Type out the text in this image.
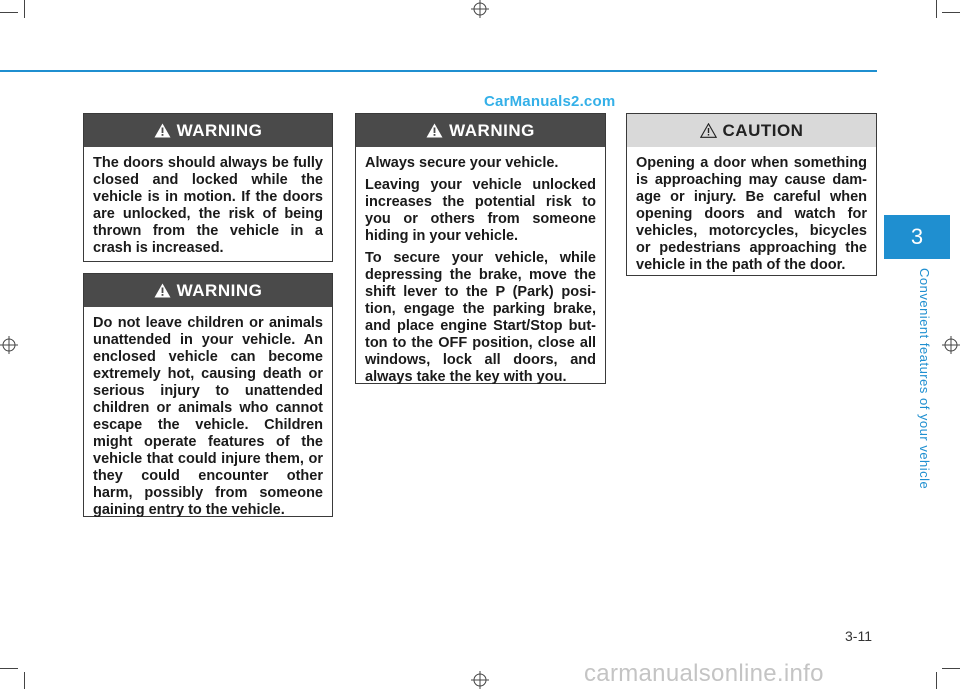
CarManuals2.com
WARNING

The doors should always be fully closed and locked while the vehicle is in motion. If the doors are unlocked, the risk of being thrown from the vehicle in a crash is increased.

WARNING

Do not leave children or animals unattended in your vehicle. An enclosed vehicle can become extremely hot, causing death or serious injury to unattended children or animals who cannot escape the vehicle. Children might operate features of the vehicle that could injure them, or they could encounter other harm, possibly from someone gaining entry to the vehicle.

WARNING

Always secure your vehicle.

Leaving your vehicle unlocked increases the potential risk to you or others from someone hiding in your vehicle.

To secure your vehicle, while depressing the brake, move the shift lever to the P (Park) posi-tion, engage the parking brake, and place engine Start/Stop but-ton to the OFF position, close all windows, lock all doors, and always take the key with you.

CAUTION

Opening a door when something is approaching may cause dam-age or injury. Be careful when opening doors and watch for vehicles, motorcycles, bicycles or pedestrians approaching the vehicle in the path of the door.

3
Convenient features of your vehicle
3-11
carmanualsonline.info
